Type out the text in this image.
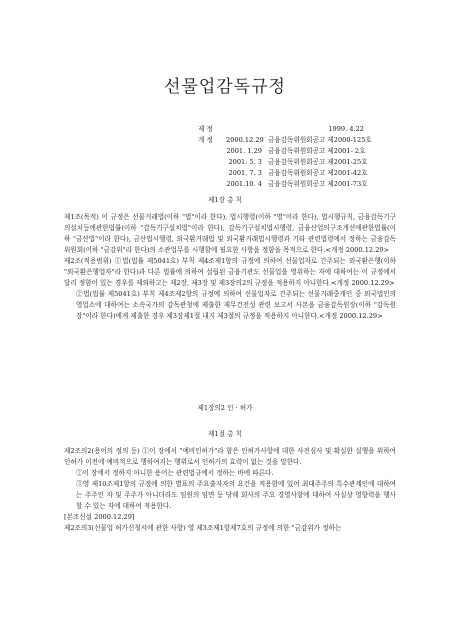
선물업감독규정
제 정
개 정
1999. 4.22
2000.12.29
2001. 1.29
2001. 5. 3
2001. 7. 3
2001.10. 4
금융감독위원회공고 제2000-125호
금융감독위원회공고 제2001- 2호
금융감독위원회공고 제2001-25호
금융감독위원회공고 제2001-42호
금융감독위원회공고 제2001-73호
제1장 총 칙

제1조(목적) 이 규정은 선물거래법(이하 "법"이라 한다), 법시행령(이하 "영"이라 한다), 법시행규칙, 금융감독기구의설치등에관한법률(이하 "감독기구설치법"이라 한다), 감독기구설치법시행령, 금융산업의구조개선에관한법률(이하 "금산법"이라 한다), 금산법시행령, 외국환거래법 및 외국환거래법시행령과 기타 관련법령에서 정하는 금융감독위원회(이하 "금감위"라 한다)의 소관업무를 시행함에 필요한 사항을 정함을 목적으로 한다.<개정 2000.12.29>

제2조(적용범위) ①법(법률 제5041호) 부칙 제4조제1항의 규정에 의하여 선물업자로 간주되는 외국환은행(이하 "외국환은행업자"라 한다)과 다른 법률에 의하여 설립된 금융기관도 선물업을 영위하는 자에 대하여는 이 규정에서 달리 정함이 있는 경우를 제외하고는 제2장, 제3장 및 제3장의2의 규정을 적용하지 아니한다.<개정 2000.12.29>

②법(법률 제5041호) 부칙 제4조제2항의 규정에 의하여 선물업자로 간주되는 선물거래중개인 중 외국법인의 영업소에 대하여는 소속국가의 감독관청에 제출한 재무건전성 관련 보고서 사본을 금융감독원장(이하 "감독원장"이라 한다)에게 제출한 경우 제3장제1절 내지 제3절의 규정을 적용하지 아니한다.<개정 2000.12.29>

제1장의2 인 · 허가
제1절 총 칙

제2조의2(용어의 정의 등) ①이 장에서 "예비인허가"라 함은 인허가사항에 대한 사전심사 및 확실한 실행을 위하여 인허가 이전에 예비적으로 행하여지는 행위로서 인허가의 효력이 없는 것을 말한다.

②이 장에서 정하지 아니한 용어는 관련법규에서 정하는 바에 따른다.

③영 제10조제1항의 규정에 의한 별표의 주요출자자의 요건을 적용함에 있어 최대주주의 특수관계인에 대하여는 주주인 자 및 주주가 아니더라도 임원의 임면 등 당해 회사의 주요 경영사항에 대하여 사실상 영향력을 행사할 수 있는 자에 대하여 적용한다.

[본조신설 2000.12.29]

제2조의3(선물업 허가신청서에 관한 사항) 영 제3조제1항제7호의 규정에 의한 "금감위가 정하는
